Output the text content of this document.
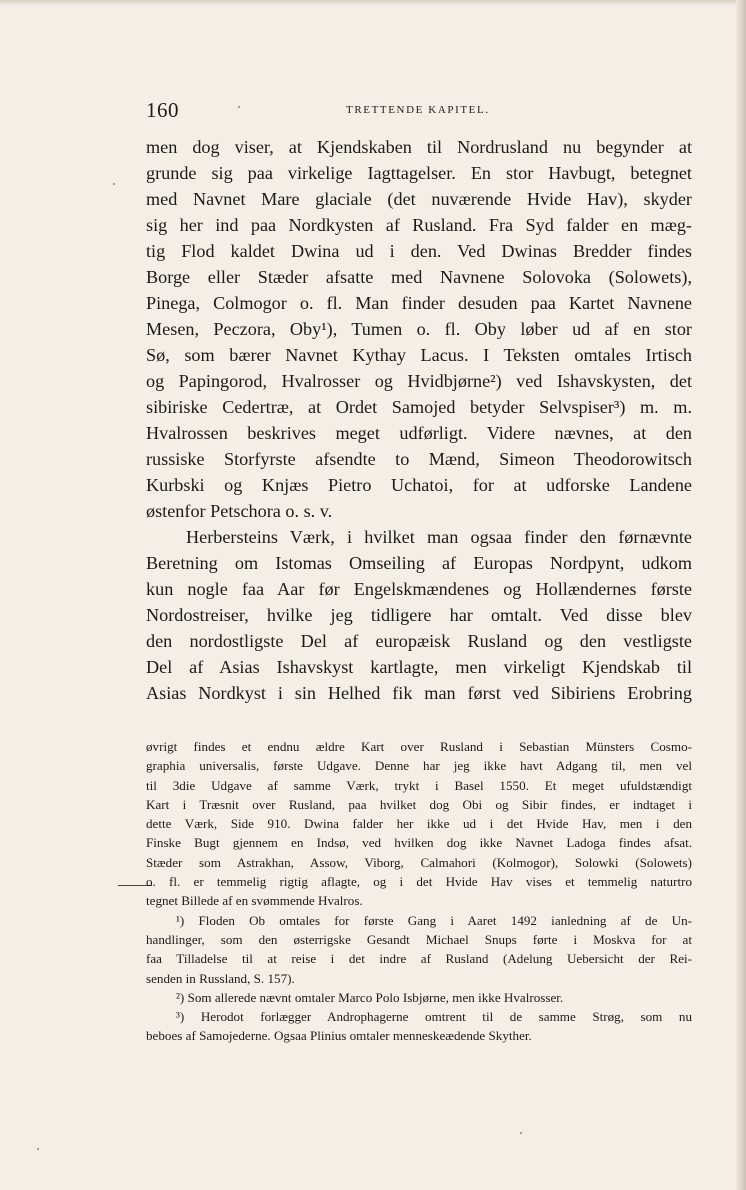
160	TRETTENDE KAPITEL.
men dog viser, at Kjendskaben til Nordrusland nu begynder at
grunde sig paa virkelige Iagttagelser. En stor Havbugt, betegnet
med Navnet Mare glaciale (det nuværende Hvide Hav), skyder
sig her ind paa Nordkysten af Rusland. Fra Syd falder en mæg-
tig Flod kaldet Dwina ud i den. Ved Dwinas Bredder findes
Borge eller Stæder afsatte med Navnene Solovoka (Solowets),
Pinega, Colmogor o. fl. Man finder desuden paa Kartet Navnene
Mesen, Peczora, Oby¹), Tumen o. fl. Oby løber ud af en stor
Sø, som bærer Navnet Kythay Lacus. I Teksten omtales Irtisch
og Papingorod, Hvalrosser og Hvidbjørne²) ved Ishavskysten, det
sibiriske Cedertræ, at Ordet Samojed betyder Selvspiser³) m. m.
Hvalrossen beskrives meget udførligt. Videre nævnes, at den
russiske Storfyrste afsendte to Mænd, Simeon Theodorowitsch
Kurbski og Knjæs Pietro Uchatoi, for at udforske Landene
østenfor Petschora o. s. v.
Herbersteins Værk, i hvilket man ogsaa finder den førnævnte
Beretning om Istomas Omseiling af Europas Nordpynt, udkom
kun nogle faa Aar før Engelskmændenes og Hollændernes første
Nordostreiser, hvilke jeg tidligere har omtalt. Ved disse blev
den nordostligste Del af europæisk Rusland og den vestligste
Del af Asias Ishavskyst kartlagte, men virkeligt Kjendskab til
Asias Nordkyst i sin Helhed fik man først ved Sibiriens Erobring
øvrigt findes et endnu ældre Kart over Rusland i Sebastian Münsters Cosmo-
graphia universalis, første Udgave. Denne har jeg ikke havt Adgang til, men vel
til 3die Udgave af samme Værk, trykt i Basel 1550. Et meget ufuldstændigt
Kart i Træsnit over Rusland, paa hvilket dog Obi og Sibir findes, er indtaget i
dette Værk, Side 910. Dwina falder her ikke ud i det Hvide Hav, men i den
Finske Bugt gjennem en Indsø, ved hvilken dog ikke Navnet Ladoga findes afsat.
Stæder som Astrakhan, Assow, Viborg, Calmahori (Kolmogor), Solowki (Solowets)
o. fl. er temmelig rigtig aflagte, og i det Hvide Hav vises et temmelig naturtro
tegnet Billede af en svømmende Hvalros.
¹) Floden Ob omtales for første Gang i Aaret 1492 ianledning af de Un-
handlinger, som den østerrigske Gesandt Michael Snups førte i Moskva for at
faa Tilladelse til at reise i det indre af Rusland (Adelung Uebersicht der Rei-
senden in Russland, S. 157).
²) Som allerede nævnt omtaler Marco Polo Isbjørne, men ikke Hvalrosser.
³) Herodot forlægger Androphagerne omtrent til de samme Strøg, som nu
beboes af Samojederne. Ogsaa Plinius omtaler menneskeædende Skyther.
